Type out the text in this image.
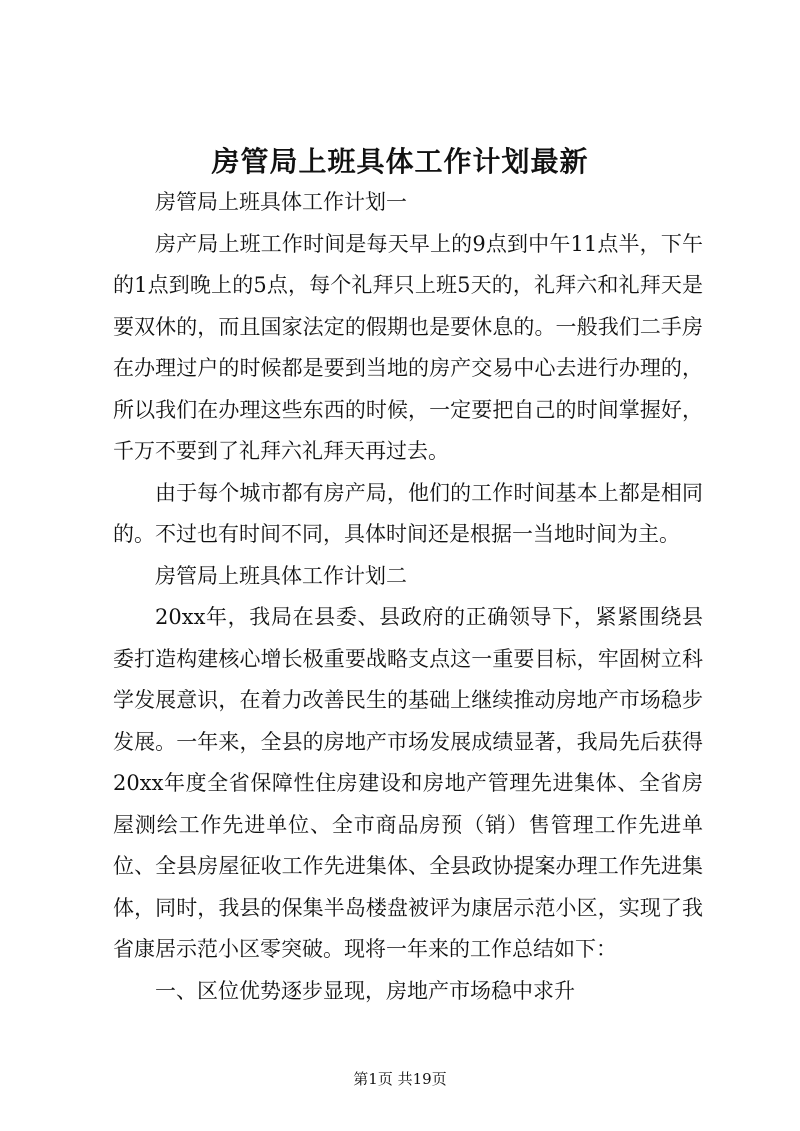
房管局上班具体工作计划最新

房管局上班具体工作计划一

房产局上班工作时间是每天早上的9点到中午11点半，下午的1点到晚上的5点，每个礼拜只上班5天的，礼拜六和礼拜天是要双休的，而且国家法定的假期也是要休息的。一般我们二手房在办理过户的时候都是要到当地的房产交易中心去进行办理的，所以我们在办理这些东西的时候，一定要把自己的时间掌握好，千万不要到了礼拜六礼拜天再过去。

由于每个城市都有房产局，他们的工作时间基本上都是相同的。不过也有时间不同，具体时间还是根据一当地时间为主。

房管局上班具体工作计划二

20xx年，我局在县委、县政府的正确领导下，紧紧围绕县委打造构建核心增长极重要战略支点这一重要目标，牢固树立科学发展意识，在着力改善民生的基础上继续推动房地产市场稳步发展。一年来，全县的房地产市场发展成绩显著，我局先后获得20xx年度全省保障性住房建设和房地产管理先进集体、全省房屋测绘工作先进单位、全市商品房预（销）售管理工作先进单位、全县房屋征收工作先进集体、全县政协提案办理工作先进集体，同时，我县的保集半岛楼盘被评为康居示范小区，实现了我省康居示范小区零突破。现将一年来的工作总结如下：

一、区位优势逐步显现，房地产市场稳中求升

第1页 共19页
